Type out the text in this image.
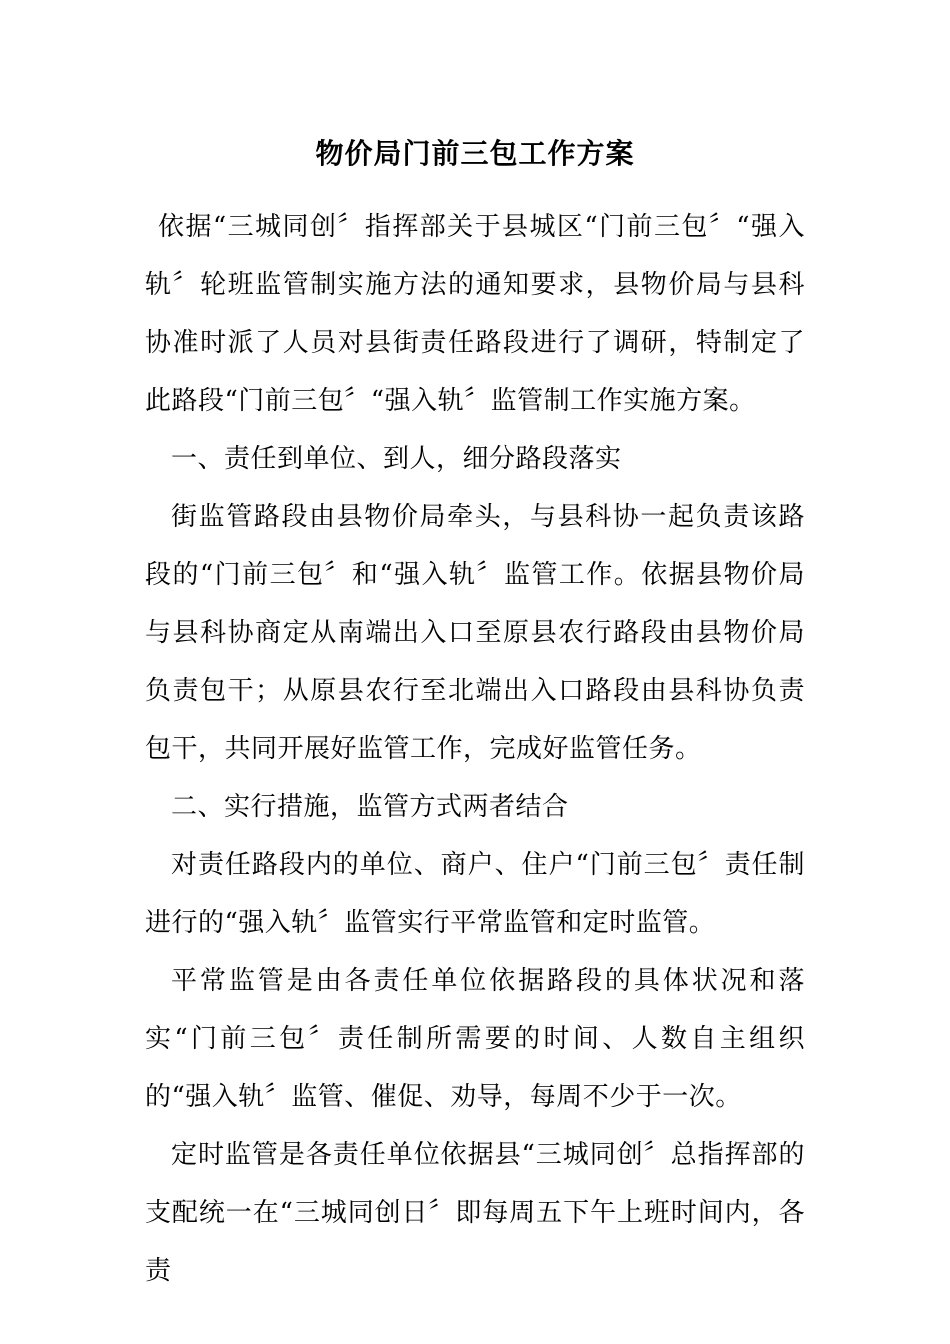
物价局门前三包工作方案

依据“三城同创〞指挥部关于县城区“门前三包〞“强入轨〞轮班监管制实施方法的通知要求，县物价局与县科协准时派了人员对县街责任路段进行了调研，特制定了此路段“门前三包〞“强入轨〞监管制工作实施方案。

一、责任到单位、到人，细分路段落实

街监管路段由县物价局牵头，与县科协一起负责该路段的“门前三包〞和“强入轨〞监管工作。依据县物价局与县科协商定从南端出入口至原县农行路段由县物价局负责包干；从原县农行至北端出入口路段由县科协负责包干，共同开展好监管工作，完成好监管任务。

二、实行措施，监管方式两者结合

对责任路段内的单位、商户、住户“门前三包〞责任制进行的“强入轨〞监管实行平常监管和定时监管。

平常监管是由各责任单位依据路段的具体状况和落实“门前三包〞责任制所需要的时间、人数自主组织的“强入轨〞监管、催促、劝导，每周不少于一次。

定时监管是各责任单位依据县“三城同创〞总指挥部的支配统一在“三城同创日〞即每周五下午上班时间内，各责
